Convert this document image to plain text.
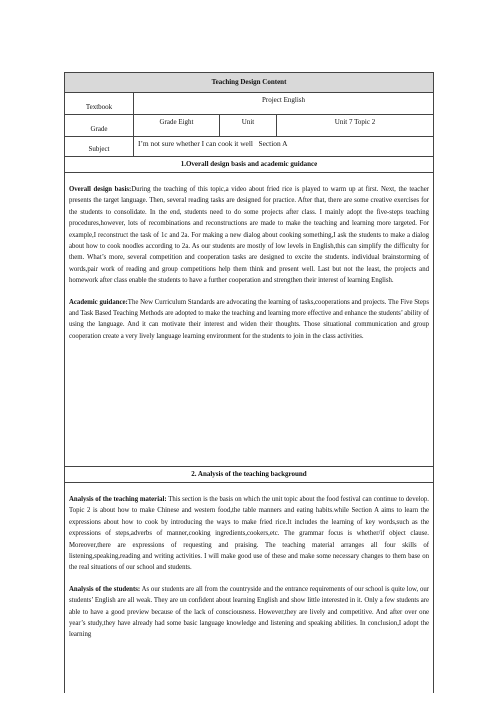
Teaching Design Content			
Textbook	Project English		
Grade	Grade Eight	Unit	Unit 7 Topic 2
Subject	I’m not sure whether I can cook it well Section A		
1.Overall design basis and academic guidance			

Overall design basis:During the teaching of this topic,a video about fried rice is played to warm up at first. Next, the teacher presents the target language. Then, several reading tasks are designed for practice. After that, there are some creative exercises for the students to consolidate. In the end, students need to do some projects after class. I mainly adopt the five-steps teaching procedures,however, lots of recombinations and reconstructions are made to make the teaching and learning more targeted. For example,I reconstruct the task of 1c and 2a. For making a new dialog about cooking something,I ask the students to make a dialog about how to cook noodles according to 2a. As our students are mostly of low levels in English,this can simplify the difficulty for them. What’s more, several competition and cooperation tasks are designed to excite the students. individual brainstorming of words,pair work of reading and group competitions help them think and present well. Last but not the least, the projects and homework after class enable the students to have a further cooperation and strengthen their interest of learning English.

Academic guidance:The New Curriculum Standards are advocating the learning of tasks,cooperations and projects. The Five Steps and Task Based Teaching Methods are adopted to make the teaching and learning more effective and enhance the students’ ability of using the language. And it can motivate their interest and widen their thoughts. Those situational communication and group cooperation create a very lively language learning environment for the students to join in the class activities.			

2. Analysis of the teaching background			

Analysis of the teaching material: This section is the basis on which the unit topic about the food festival can continue to develop. Topic 2 is about how to make Chinese and western food,the table manners and eating habits.while Section A aims to learn the expressions about how to cook by introducing the ways to make fried rice.It includes the learning of key words,such as the expressions of steps,adverbs of manner,cooking ingredients,cookers,etc. The grammar focus is whether/if object clause. Moreover,there are expressions of requesting and praising. The teaching material arranges all four skills of listening,speaking,reading and writing activities. I will make good use of these and make some necessary changes to them base on the real situations of our school and students.

Analysis of the students: As our students are all from the countryside and the entrance requirements of our school is quite low, our students’ English are all weak. They are un confident about learning English and show little interested in it. Only a few students are able to have a good preview because of the lack of consciousness. However,they are lively and competitive. And after over one year’s study,they have already had some basic language knowledge and listening and speaking abilities. In conclusion,I adopt the learning			
